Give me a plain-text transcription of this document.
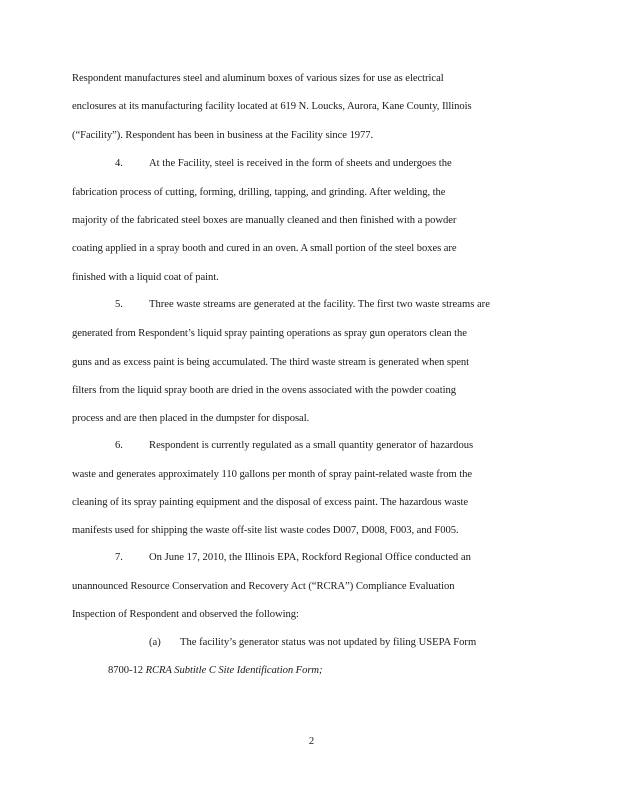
Respondent manufactures steel and aluminum boxes of various sizes for use as electrical
enclosures at its manufacturing facility located at 619 N. Loucks, Aurora, Kane County, Illinois
(“Facility”). Respondent has been in business at the Facility since 1977.
4. At the Facility, steel is received in the form of sheets and undergoes the
fabrication process of cutting, forming, drilling, tapping, and grinding. After welding, the
majority of the fabricated steel boxes are manually cleaned and then finished with a powder
coating applied in a spray booth and cured in an oven. A small portion of the steel boxes are
finished with a liquid coat of paint.
5. Three waste streams are generated at the facility. The first two waste streams are
generated from Respondent’s liquid spray painting operations as spray gun operators clean the
guns and as excess paint is being accumulated. The third waste stream is generated when spent
filters from the liquid spray booth are dried in the ovens associated with the powder coating
process and are then placed in the dumpster for disposal.
6. Respondent is currently regulated as a small quantity generator of hazardous
waste and generates approximately 110 gallons per month of spray paint-related waste from the
cleaning of its spray painting equipment and the disposal of excess paint. The hazardous waste
manifests used for shipping the waste off-site list waste codes D007, D008, F003, and F005.
7. On June 17, 2010, the Illinois EPA, Rockford Regional Office conducted an
unannounced Resource Conservation and Recovery Act (“RCRA”) Compliance Evaluation
Inspection of Respondent and observed the following:
(a) The facility’s generator status was not updated by filing USEPA Form
8700-12 RCRA Subtitle C Site Identification Form;
2
